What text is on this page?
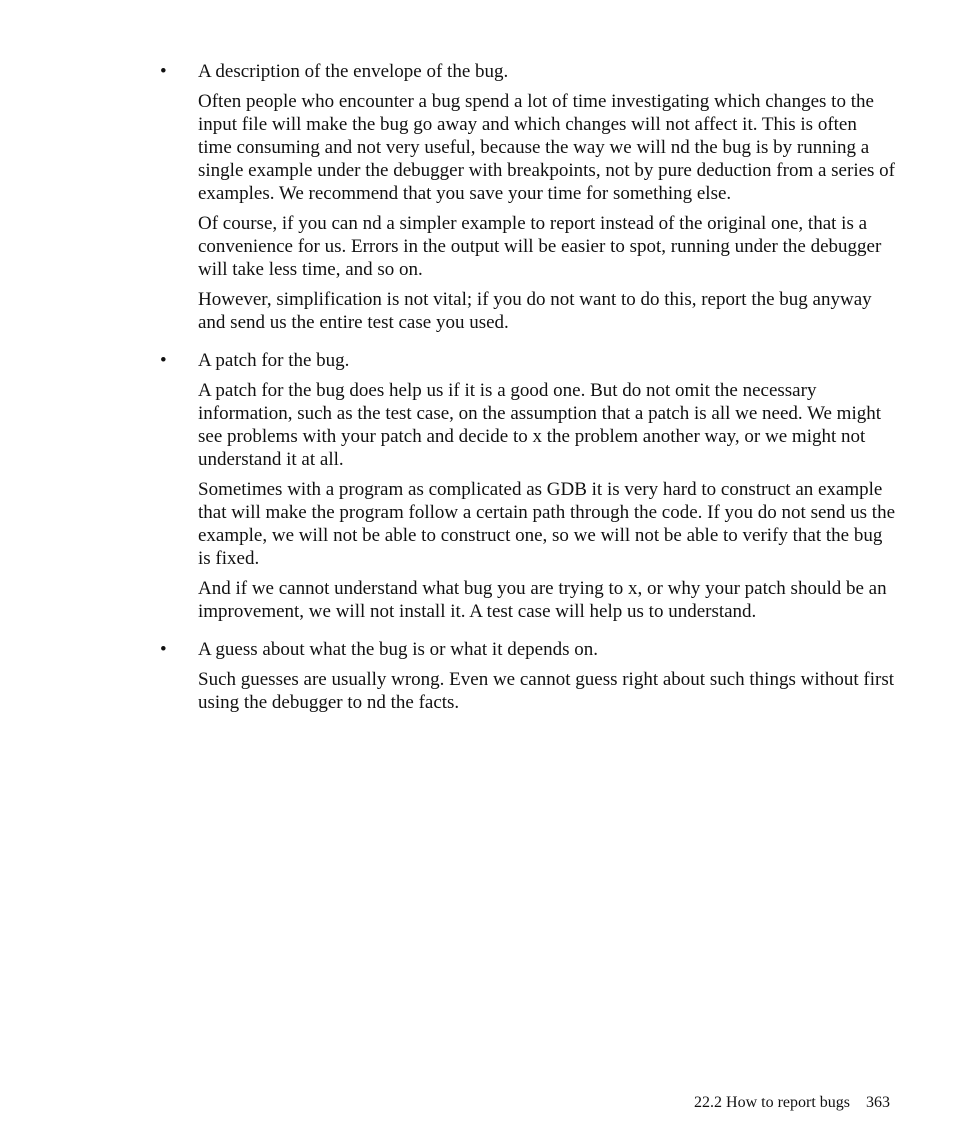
• A description of the envelope of the bug.

Often people who encounter a bug spend a lot of time investigating which changes to the input file will make the bug go away and which changes will not affect it. This is often time consuming and not very useful, because the way we will nd the bug is by running a single example under the debugger with breakpoints, not by pure deduction from a series of examples. We recommend that you save your time for something else.

Of course, if you can nd a simpler example to report instead of the original one, that is a convenience for us. Errors in the output will be easier to spot, running under the debugger will take less time, and so on.

However, simplification is not vital; if you do not want to do this, report the bug anyway and send us the entire test case you used.

• A patch for the bug.

A patch for the bug does help us if it is a good one. But do not omit the necessary information, such as the test case, on the assumption that a patch is all we need. We might see problems with your patch and decide to x the problem another way, or we might not understand it at all.

Sometimes with a program as complicated as GDB it is very hard to construct an example that will make the program follow a certain path through the code. If you do not send us the example, we will not be able to construct one, so we will not be able to verify that the bug is fixed.

And if we cannot understand what bug you are trying to x, or why your patch should be an improvement, we will not install it. A test case will help us to understand.

• A guess about what the bug is or what it depends on.

Such guesses are usually wrong. Even we cannot guess right about such things without first using the debugger to nd the facts.

22.2 How to report bugs 363
